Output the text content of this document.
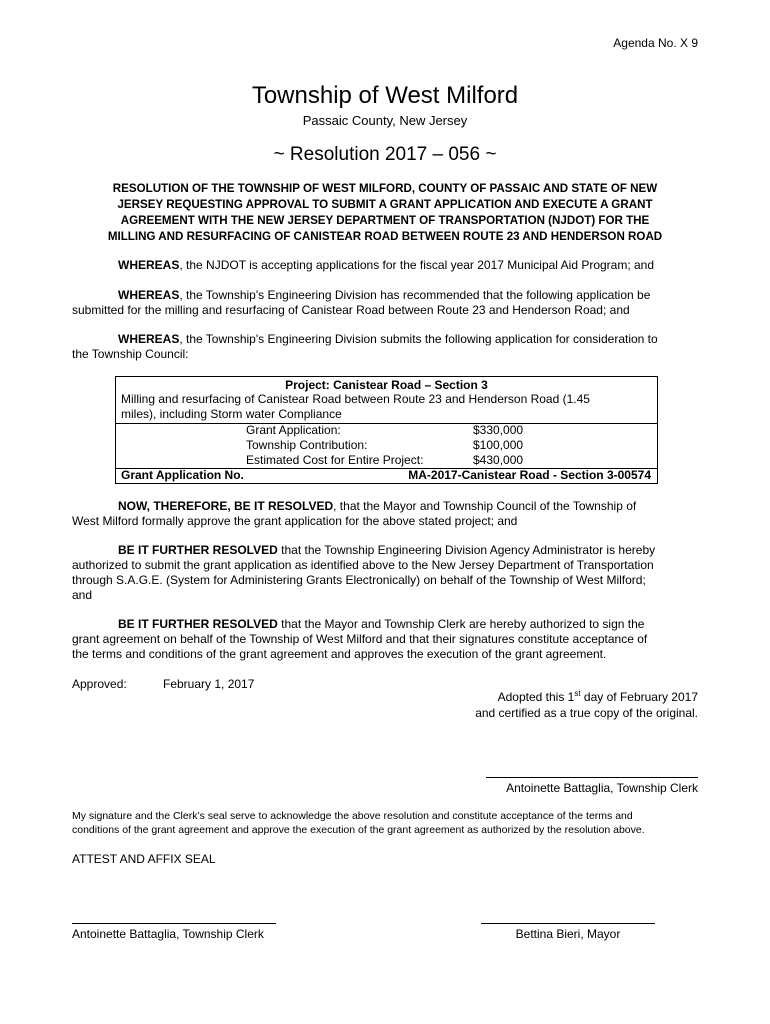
Agenda No. X 9
Township of West Milford
Passaic County, New Jersey
~ Resolution 2017 – 056 ~
RESOLUTION OF THE TOWNSHIP OF WEST MILFORD, COUNTY OF PASSAIC AND STATE OF NEW
JERSEY REQUESTING APPROVAL TO SUBMIT A GRANT APPLICATION AND EXECUTE A GRANT
AGREEMENT WITH THE NEW JERSEY DEPARTMENT OF TRANSPORTATION (NJDOT) FOR THE
MILLING AND RESURFACING OF CANISTEAR ROAD BETWEEN ROUTE 23 AND HENDERSON ROAD
WHEREAS, the NJDOT is accepting applications for the fiscal year 2017 Municipal Aid Program; and
WHEREAS, the Township's Engineering Division has recommended that the following application be
submitted for the milling and resurfacing of Canistear Road between Route 23 and Henderson Road; and
WHEREAS, the Township's Engineering Division submits the following application for consideration to
the Township Council:
Project: Canistear Road – Section 3
Milling and resurfacing of Canistear Road between Route 23 and Henderson Road (1.45
miles), including Storm water Compliance
Grant Application:	$330,000
Township Contribution:	$100,000
Estimated Cost for Entire Project:	$430,000
Grant Application No.	MA-2017-Canistear Road - Section 3-00574
NOW, THEREFORE, BE IT RESOLVED, that the Mayor and Township Council of the Township of
West Milford formally approve the grant application for the above stated project; and
BE IT FURTHER RESOLVED that the Township Engineering Division Agency Administrator is hereby
authorized to submit the grant application as identified above to the New Jersey Department of Transportation
through S.A.G.E. (System for Administering Grants Electronically) on behalf of the Township of West Milford;
and
BE IT FURTHER RESOLVED that the Mayor and Township Clerk are hereby authorized to sign the
grant agreement on behalf of the Township of West Milford and that their signatures constitute acceptance of
the terms and conditions of the grant agreement and approves the execution of the grant agreement.
Approved:	February 1, 2017
Adopted this 1st day of February 2017
and certified as a true copy of the original.
Antoinette Battaglia, Township Clerk
My signature and the Clerk’s seal serve to acknowledge the above resolution and constitute acceptance of the terms and
conditions of the grant agreement and approve the execution of the grant agreement as authorized by the resolution above.
ATTEST AND AFFIX SEAL
Antoinette Battaglia, Township Clerk	Bettina Bieri, Mayor
